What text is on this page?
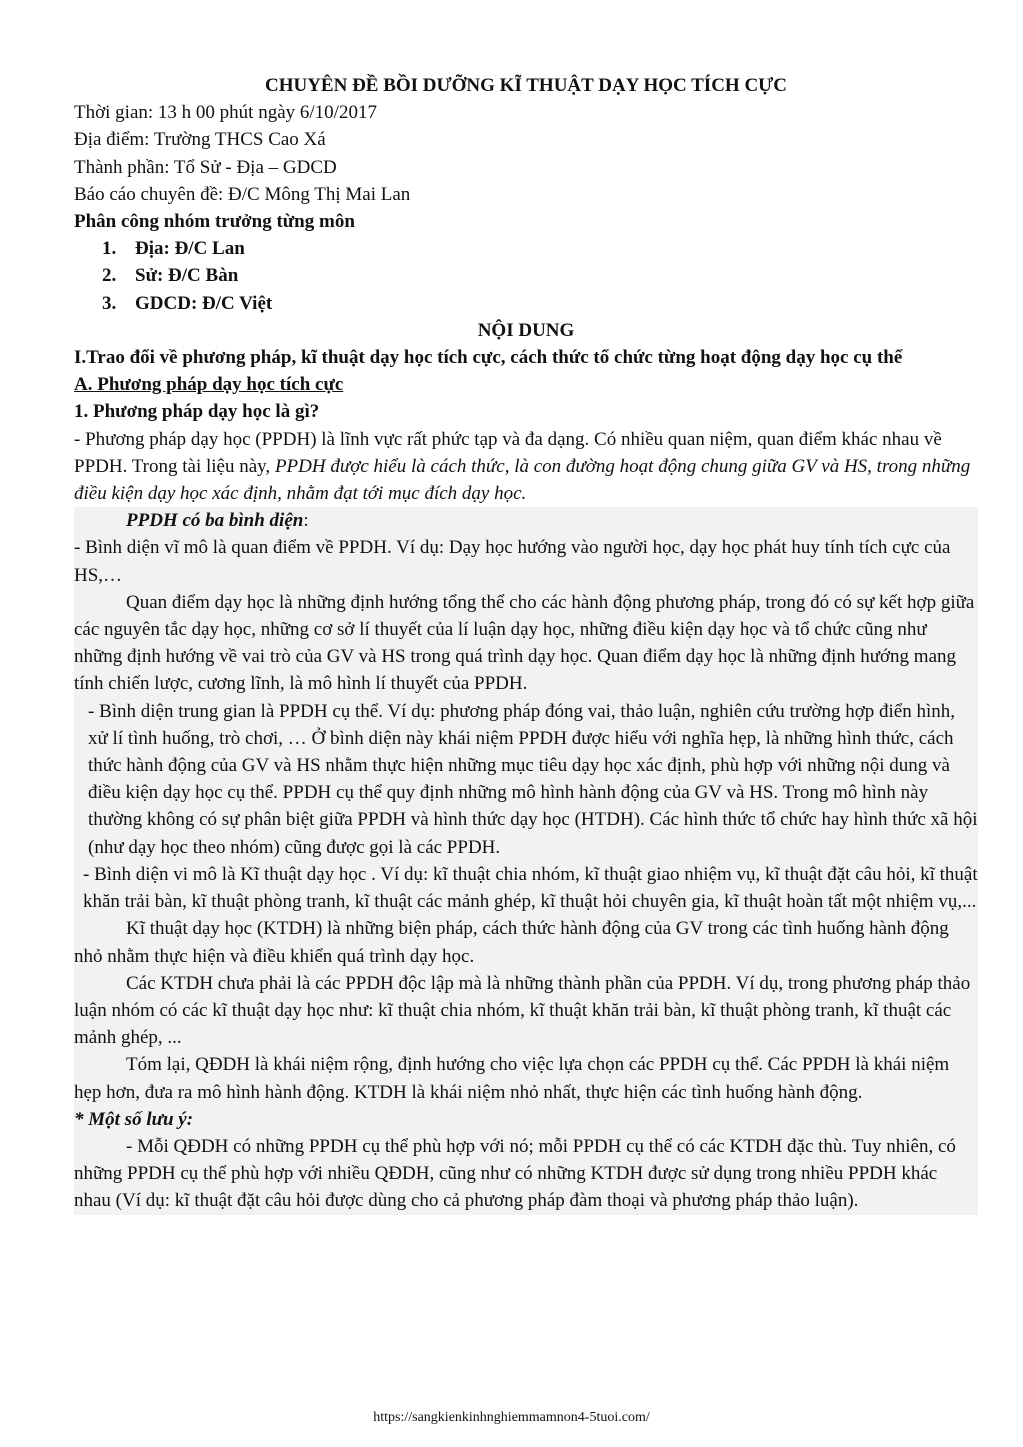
CHUYÊN ĐỀ BỒI DƯỠNG KĨ THUẬT DẠY HỌC TÍCH CỰC

Thời gian: 13 h 00 phút ngày 6/10/2017

Địa điểm: Trường THCS Cao Xá

Thành phần: Tổ Sử - Địa – GDCD

Báo cáo chuyên đề: Đ/C Mông Thị Mai Lan

Phân công nhóm trưởng từng môn

1. Địa: Đ/C Lan
2. Sử: Đ/C Bàn
3. GDCD: Đ/C Việt

NỘI DUNG

I.Trao đổi về phương pháp, kĩ thuật dạy học tích cực, cách thức tổ chức từng hoạt động dạy học cụ thể

A. Phương pháp dạy học tích cực

1. Phương pháp dạy học là gì?

- Phương pháp dạy học (PPDH) là lĩnh vực rất phức tạp và đa dạng. Có nhiều quan niệm, quan điểm khác nhau về PPDH. Trong tài liệu này, PPDH được hiểu là cách thức, là con đường hoạt động chung giữa GV và HS, trong những điều kiện dạy học xác định, nhằm đạt tới mục đích dạy học.

PPDH có ba bình diện:

- Bình diện vĩ mô là quan điểm về PPDH. Ví dụ: Dạy học hướng vào người học, dạy học phát huy tính tích cực của HS,…

Quan điểm dạy học là những định hướng tổng thể cho các hành động phương pháp, trong đó có sự kết hợp giữa các nguyên tắc dạy học, những cơ sở lí thuyết của lí luận dạy học, những điều kiện dạy học và tổ chức cũng như những định hướng về vai trò của GV và HS trong quá trình dạy học. Quan điểm dạy học là những định hướng mang tính chiến lược, cương lĩnh, là mô hình lí thuyết của PPDH.

- Bình diện trung gian là PPDH cụ thể. Ví dụ: phương pháp đóng vai, thảo luận, nghiên cứu trường hợp điển hình, xử lí tình huống, trò chơi, … Ở bình diện này khái niệm PPDH được hiểu với nghĩa hẹp, là những hình thức, cách thức hành động của GV và HS nhằm thực hiện những mục tiêu dạy học xác định, phù hợp với những nội dung và điều kiện dạy học cụ thể. PPDH cụ thể quy định những mô hình hành động của GV và HS. Trong mô hình này thường không có sự phân biệt giữa PPDH và hình thức dạy học (HTDH). Các hình thức tổ chức hay hình thức xã hội (như dạy học theo nhóm) cũng được gọi là các PPDH.

- Bình diện vi mô là Kĩ thuật dạy học . Ví dụ: kĩ thuật chia nhóm, kĩ thuật giao nhiệm vụ, kĩ thuật đặt câu hỏi, kĩ thuật khăn trải bàn, kĩ thuật phòng tranh, kĩ thuật các mảnh ghép, kĩ thuật hỏi chuyên gia, kĩ thuật hoàn tất một nhiệm vụ,...

Kĩ thuật dạy học (KTDH) là những biện pháp, cách thức hành động của GV trong các tình huống hành động nhỏ nhằm thực hiện và điều khiển quá trình dạy học.

Các KTDH chưa phải là các PPDH độc lập mà là những thành phần của PPDH. Ví dụ, trong phương pháp thảo luận nhóm có các kĩ thuật dạy học như: kĩ thuật chia nhóm, kĩ thuật khăn trải bàn, kĩ thuật phòng tranh, kĩ thuật các mảnh ghép, ...

Tóm lại, QĐDH là khái niệm rộng, định hướng cho việc lựa chọn các PPDH cụ thể. Các PPDH là khái niệm hẹp hơn, đưa ra mô hình hành động. KTDH là khái niệm nhỏ nhất, thực hiện các tình huống hành động.

* Một số lưu ý:

- Mỗi QĐDH có những PPDH cụ thể phù hợp với nó; mỗi PPDH cụ thể có các KTDH đặc thù. Tuy nhiên, có những PPDH cụ thể phù hợp với nhiều QĐDH, cũng như có những KTDH được sử dụng trong nhiều PPDH khác nhau (Ví dụ: kĩ thuật đặt câu hỏi được dùng cho cả phương pháp đàm thoại và phương pháp thảo luận).

https://sangkienkinhnghiemmamnon4-5tuoi.com/
